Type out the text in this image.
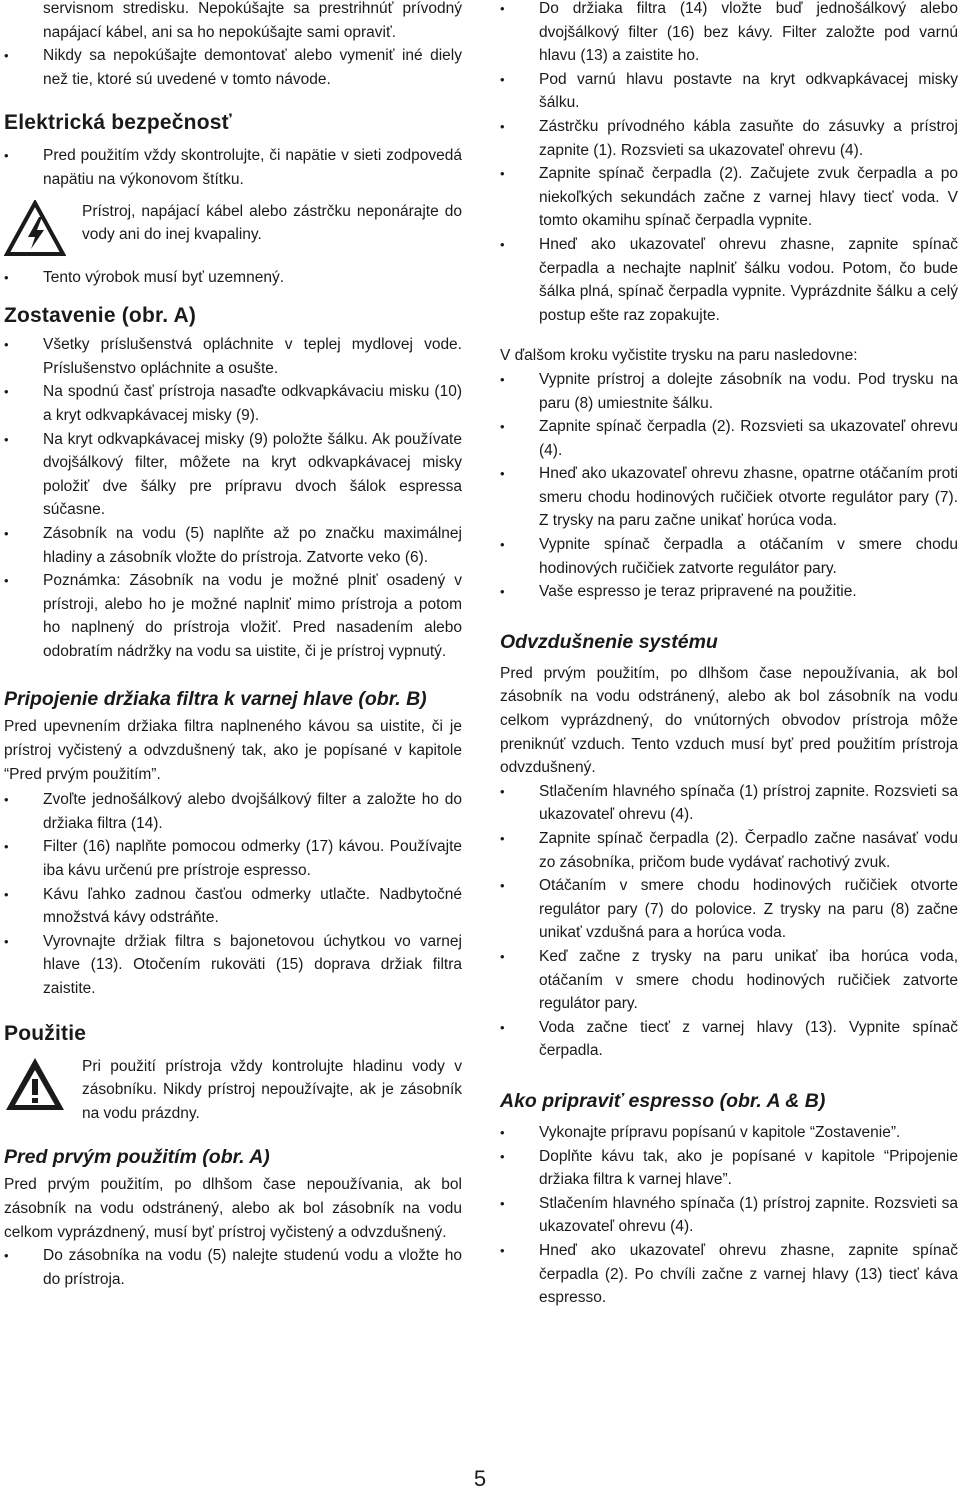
servisnom stredisku. Nepokúšajte sa prestrihnúť prívodný napájací kábel, ani sa ho nepokúšajte sami opraviť.

• Nikdy sa nepokúšajte demontovať alebo vymeniť iné diely než tie, ktoré sú uvedené v tomto návode.
Elektrická bezpečnosť
• Pred použitím vždy skontrolujte, či napätie v sieti zodpovedá napätiu na výkonovom štítku.
Prístroj, napájací kábel alebo zástrčku neponárajte do vody ani do inej kvapaliny.
• Tento výrobok musí byť uzemnený.
Zostavenie (obr. A)
• Všetky príslušenstvá opláchnite v teplej mydlovej vode. Príslušenstvo opláchnite a osušte.
• Na spodnú časť prístroja nasaďte odkvapkávaciu misku (10) a kryt odkvapkávacej misky (9).
• Na kryt odkvapkávacej misky (9) položte šálku. Ak používate dvojšálkový filter, môžete na kryt odkvapkávacej misky položiť dve šálky pre prípravu dvoch šálok espressa súčasne.
• Zásobník na vodu (5) naplňte až po značku maximálnej hladiny a zásobník vložte do prístroja. Zatvorte veko (6).
• Poznámka: Zásobník na vodu je možné plniť osadený v prístroji, alebo ho je možné naplniť mimo prístroja a potom ho naplnený do prístroja vložiť. Pred nasadením alebo odobratím nádržky na vodu sa uistite, či je prístroj vypnutý.
Pripojenie držiaka filtra k varnej hlave (obr. B)

Pred upevnením držiaka filtra naplneného kávou sa uistite, či je prístroj vyčistený a odvzdušnený tak, ako je popísané v kapitole “Pred prvým použitím”.

• Zvoľte jednošálkový alebo dvojšálkový filter a založte ho do držiaka filtra (14).
• Filter (16) naplňte pomocou odmerky (17) kávou. Používajte iba kávu určenú pre prístroje espresso.
• Kávu ľahko zadnou časťou odmerky utlačte. Nadbytočné množstvá kávy odstráňte.
• Vyrovnajte držiak filtra s bajonetovou úchytkou vo varnej hlave (13). Otočením rukoväti (15) doprava držiak filtra zaistite.
Použitie
Pri použití prístroja vždy kontrolujte hladinu vody v zásobníku. Nikdy prístroj nepoužívajte, ak je zásobník na vodu prázdny.
Pred prvým použitím (obr. A)

Pred prvým použitím, po dlhšom čase nepoužívania, ak bol zásobník na vodu odstránený, alebo ak bol zásobník na vodu celkom vyprázdnený, musí byť prístroj vyčistený a odvzdušnený.

• Do zásobníka na vodu (5) nalejte studenú vodu a vložte ho do prístroja.
• Do držiaka filtra (14) vložte buď jednošálkový alebo dvojšálkový filter (16) bez kávy. Filter založte pod varnú hlavu (13) a zaistite ho.
• Pod varnú hlavu postavte na kryt odkvapkávacej misky šálku.
• Zástrčku prívodného kábla zasuňte do zásuvky a prístroj zapnite (1). Rozsvieti sa ukazovateľ ohrevu (4).
• Zapnite spínač čerpadla (2). Začujete zvuk čerpadla a po niekoľkých sekundách začne z varnej hlavy tiecť voda. V tomto okamihu spínač čerpadla vypnite.
• Hneď ako ukazovateľ ohrevu zhasne, zapnite spínač čerpadla a nechajte naplniť šálku vodou. Potom, čo bude šálka plná, spínač čerpadla vypnite. Vyprázdnite šálku a celý postup ešte raz zopakujte.

V ďalšom kroku vyčistite trysku na paru nasledovne:

• Vypnite prístroj a dolejte zásobník na vodu. Pod trysku na paru (8) umiestnite šálku.
• Zapnite spínač čerpadla (2). Rozsvieti sa ukazovateľ ohrevu (4).
• Hneď ako ukazovateľ ohrevu zhasne, opatrne otáčaním proti smeru chodu hodinových ručičiek otvorte regulátor pary (7). Z trysky na paru začne unikať horúca voda.
• Vypnite spínač čerpadla a otáčaním v smere chodu hodinových ručičiek zatvorte regulátor pary.
• Vaše espresso je teraz pripravené na použitie.
Odvzdušnenie systému

Pred prvým použitím, po dlhšom čase nepoužívania, ak bol zásobník na vodu odstránený, alebo ak bol zásobník na vodu celkom vyprázdnený, do vnútorných obvodov prístroja môže preniknúť vzduch. Tento vzduch musí byť pred použitím prístroja odvzdušnený.

• Stlačením hlavného spínača (1) prístroj zapnite. Rozsvieti sa ukazovateľ ohrevu (4).
• Zapnite spínač čerpadla (2). Čerpadlo začne nasávať vodu zo zásobníka, pričom bude vydávať rachotivý zvuk.
• Otáčaním v smere chodu hodinových ručičiek otvorte regulátor pary (7) do polovice. Z trysky na paru (8) začne unikať vzdušná para a horúca voda.
• Keď začne z trysky na paru unikať iba horúca voda, otáčaním v smere chodu hodinových ručičiek zatvorte regulátor pary.
• Voda začne tiecť z varnej hlavy (13). Vypnite spínač čerpadla.
Ako pripraviť espresso (obr. A & B)
• Vykonajte prípravu popísanú v kapitole “Zostavenie”.
• Doplňte kávu tak, ako je popísané v kapitole “Pripojenie držiaka filtra k varnej hlave”.
• Stlačením hlavného spínača (1) prístroj zapnite. Rozsvieti sa ukazovateľ ohrevu (4).
• Hneď ako ukazovateľ ohrevu zhasne, zapnite spínač čerpadla (2). Po chvíli začne z varnej hlavy (13) tiecť káva espresso.
5
